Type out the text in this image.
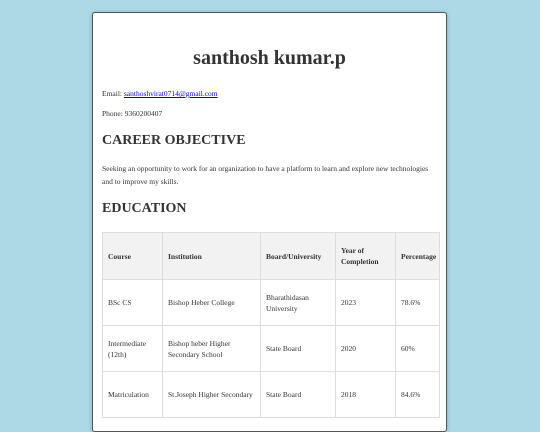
santhosh kumar.p

Email: santhoshvirat0714@gmail.com

Phone: 9360200407

CAREER OBJECTIVE

Seeking an opportunity to work for an organization to have a platform to learn and explore new technologies and to improve my skills.

EDUCATION
Course	Institution	Board/University	Year of Completion	Percentage
BSc CS	Bishop Heber College	Bharathidasan University	2023	78.6%
Intermediate (12th)	Bishop heber Higher Secondary School	State Board	2020	60%
Matriculation	St.Joseph Higher Secondary	State Board	2018	84.6%
